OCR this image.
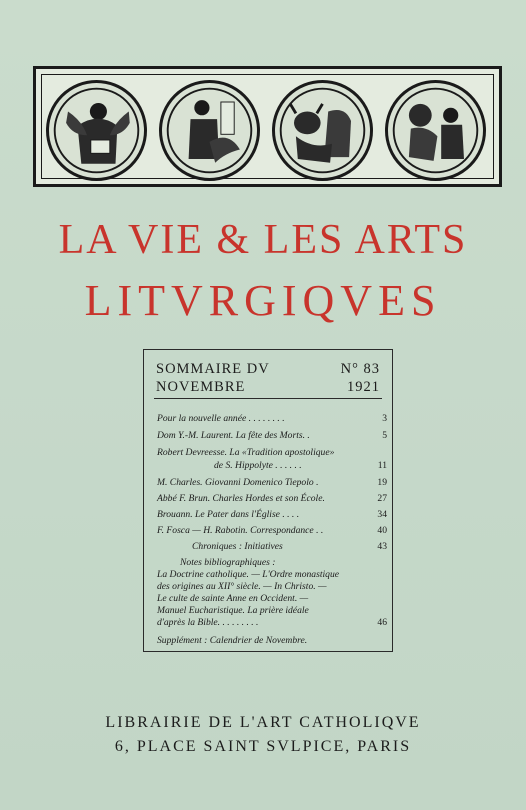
LA VIE & LES ARTS
LITVRGIQVES
SOMMAIRE DV	N° 83
NOVEMBRE	1921
Pour la nouvelle année . . . . . . . .	3
Dom Y.-M. Laurent. La fête des Morts. .	5
Robert Devreesse. La «Tradition apostolique»
de S. Hippolyte . . . . . .	11
M. Charles. Giovanni Domenico Tiepolo .	19
Abbé F. Brun. Charles Hordes et son École.	27
Brouann. Le Pater dans l'Église . . . .	34
F. Fosca — H. Rabotin. Correspondance . .	40
Chroniques : Initiatives	43
Notes bibliographiques :
La Doctrine catholique. — L'Ordre monastique
des origines au XII° siècle. — In Christo. —
Le culte de sainte Anne en Occident. —
Manuel Eucharistique. La prière idéale
d'après la Bible. . . . . . . . .	46
Supplément : Calendrier de Novembre.
LIBRAIRIE DE L'ART CATHOLIQVE
6, PLACE SAINT SVLPICE, PARIS
